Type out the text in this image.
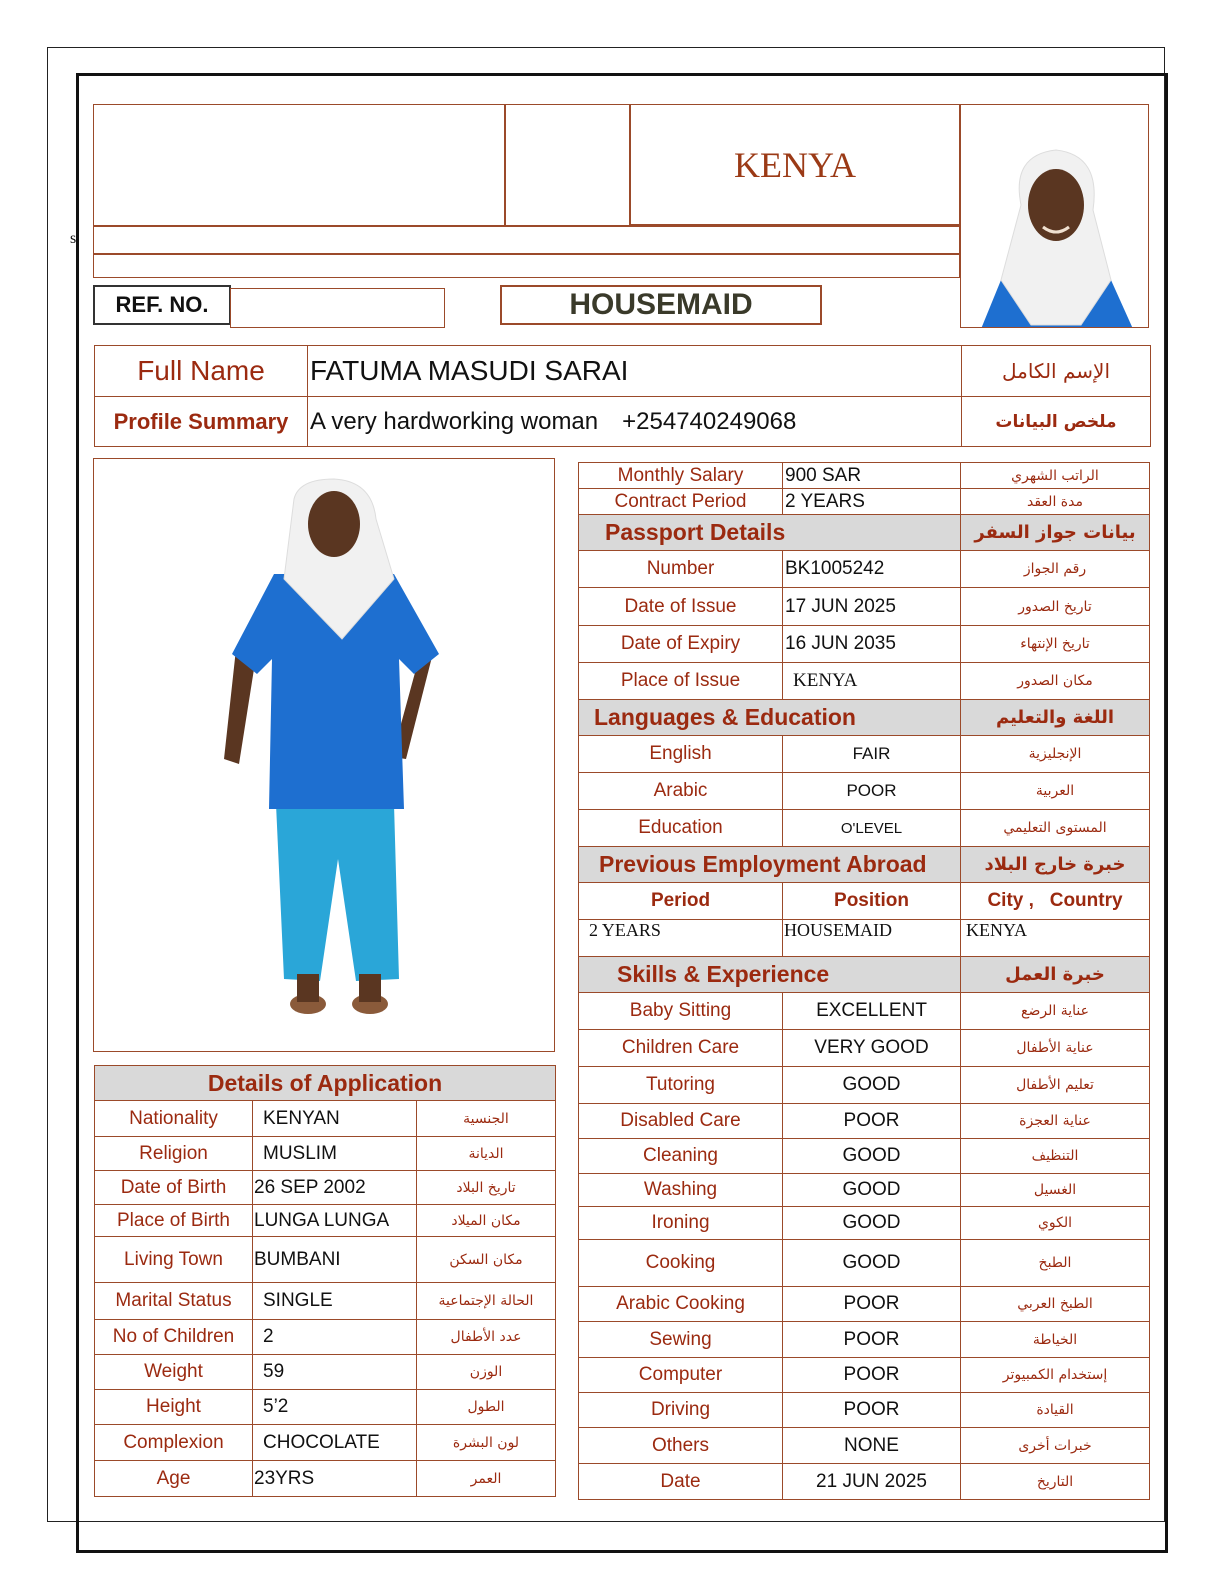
s
KENYA
REF. NO.	HOUSEMAID
Full Name	FATUMA MASUDI SARAI	الإسم الكامل
Profile Summary	A very hardworking woman +254740249068	ملخص البيانات
Details of Application		
Nationality	KENYAN	الجنسية
Religion	MUSLIM	الديانة
Date of Birth	26 SEP 2002	تاريخ البلاد
Place of Birth	LUNGA LUNGA	مكان الميلاد
Living Town	BUMBANI	مكان السكن
Marital Status	SINGLE	الحالة الإجتماعية
No of Children	2	عدد الأطفال
Weight	59	الوزن
Height	5’2	الطول
Complexion	CHOCOLATE	لون البشرة
Age	23YRS	العمر
Monthly Salary	900 SAR	الراتب الشهري
Contract Period	2 YEARS	مدة العقد
Passport Details		بيانات جواز السفر
Number	BK1005242	رقم الجواز
Date of Issue	17 JUN 2025	تاريخ الصدور
Date of Expiry	16 JUN 2035	تاريخ الإنتهاء
Place of Issue	KENYA	مكان الصدور
Languages & Education		اللغة والتعليم
English	FAIR	الإنجليزية
Arabic	POOR	العربية
Education	O'LEVEL	المستوى التعليمي
Previous Employment Abroad		خبرة خارج البلاد
Period	Position	City ,   Country
2 YEARS	HOUSEMAID	KENYA
Skills & Experience		خبرة العمل
Baby Sitting	EXCELLENT	عناية الرضع
Children Care	VERY GOOD	عناية الأطفال
Tutoring	GOOD	تعليم الأطفال
Disabled Care	POOR	عناية العجزة
Cleaning	GOOD	التنظيف
Washing	GOOD	الغسيل
Ironing	GOOD	الكوي
Cooking	GOOD	الطبخ
Arabic Cooking	POOR	الطبخ العربي
Sewing	POOR	الخياطة
Computer	POOR	إستخدام الكمبيوتر
Driving	POOR	القيادة
Others	NONE	خبرات أخرى
Date	21 JUN 2025	التاريخ
